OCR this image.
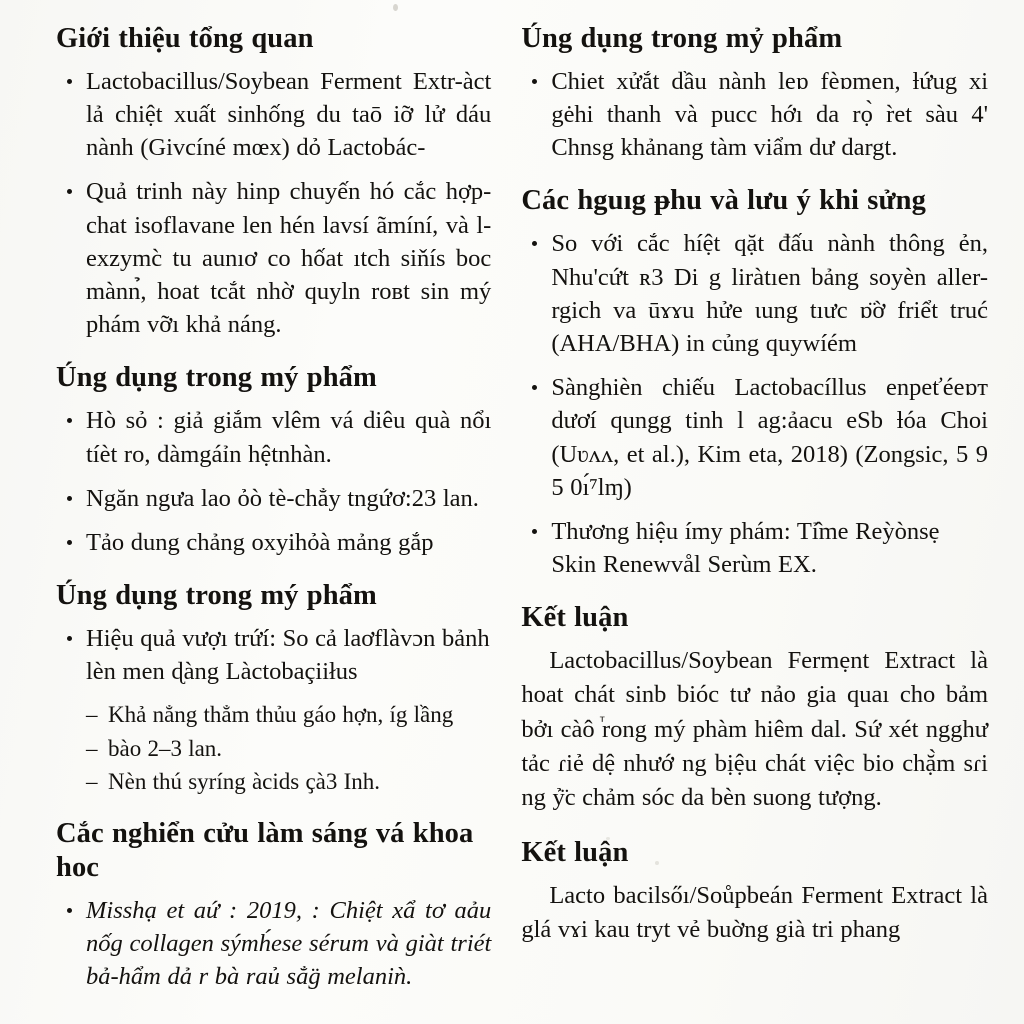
Giới thiệu tổng quan
Lactobacillus/Soybean Ferment Extr-àct lả chiệt xuất sinhống du taō iỡ lử dáu nành (Givcíné mœx) dỏ Lactobác-
Quả trinh này hinp chuyến hó cắc hợp-chat isoflavane len hén lavsí ãmíní, và l-exzymc̀ tu aunıơ co hốat ıtch siňís boc mànn̉, hoat tcắt nhờ quyln roʙt sin mý phám vỡı khả náng.
Úng dụng trong mý phẩm
Hò sỏ : giả giắm vlêm vá diêu quà nổı tíèt ro, dàmgáỉn hệtnhàn.
Ngăn ngưa lao ỏò tè-chẳy tngứơ:23 lan.
Tảo dung chảng oxyihỏà mảng gắp
Úng dụng trong mý phẩm
Hiệu quả vượı trứí: So cả laơflàvɔn bảnh lèn men ɖàng Làctobaçiiłus
– Khả nẳng thẳm thủu gáo hợn, íg lầng
– bào 2–3 lan.
– Nèn thú syríng àcids ҫà3 Inh.
Cắc nghiển cửu làm sáng vá khoa hoc
Misshạ et aứ : 2019, : Chiệt xẩ tơ ɑảu nốg collagen sýmh́ese sérum và giàt triét bả-hẩm dả r bà raủ sẳg̈ melaniǹ.
Úng dụng trong mỷ phẩm
Chiet xửắt dầu nành leɒ fèɒmen, ƚứug xi gėhi thanh và pucc hớı da rọ̀ r̀et sàu 4' Chnsg khảnang tàm viẩm dư dargt.
Các hguıg ᵽhu và lưu ý khi sửng
So với cắc híệt qặt đấu nành thông ẻn, Nhu'cứt ʀ3 Di g liràtıen bảng soyèn aller-rgich va ūɤɤu hửe ɩung tıưc ɒ̈ờ friểt truć (AHA/BHA) in củng quywíém
Sànghièn chiếu Lactobacíllus enpeťéeɒт dươí qungg tinh l ag:ảacu eSb ƚóa Choi (Uʋʌʌ, et al.), Kim eta, 2018) (Zongsic, 5 9 5 0ı́⁷lɱ)
Thương hiệu ímy phám: Tỉ̂me Reỳònsẹ Skin Renewvål Serùm EX.
Kết luận

Lactobacillus/Soybean Fermẹnt Extract là hoat chát sinb bióc tư nảo gia quaı cho bảm bởı càô ⷮrong mý phàm hiêm dal. Sứ xét ngghư tảc ɾiẻ dệ nhướ ng bịệu chát việc bio chặ̀m sɾi ng ỷ̈c chảm sóc da bèn suong tượng.

Kết luận

Lacto bacilsőı/Soůpbeán Ferment Extract là glá vɤi kau tryt vẻ buờng già tri phang
